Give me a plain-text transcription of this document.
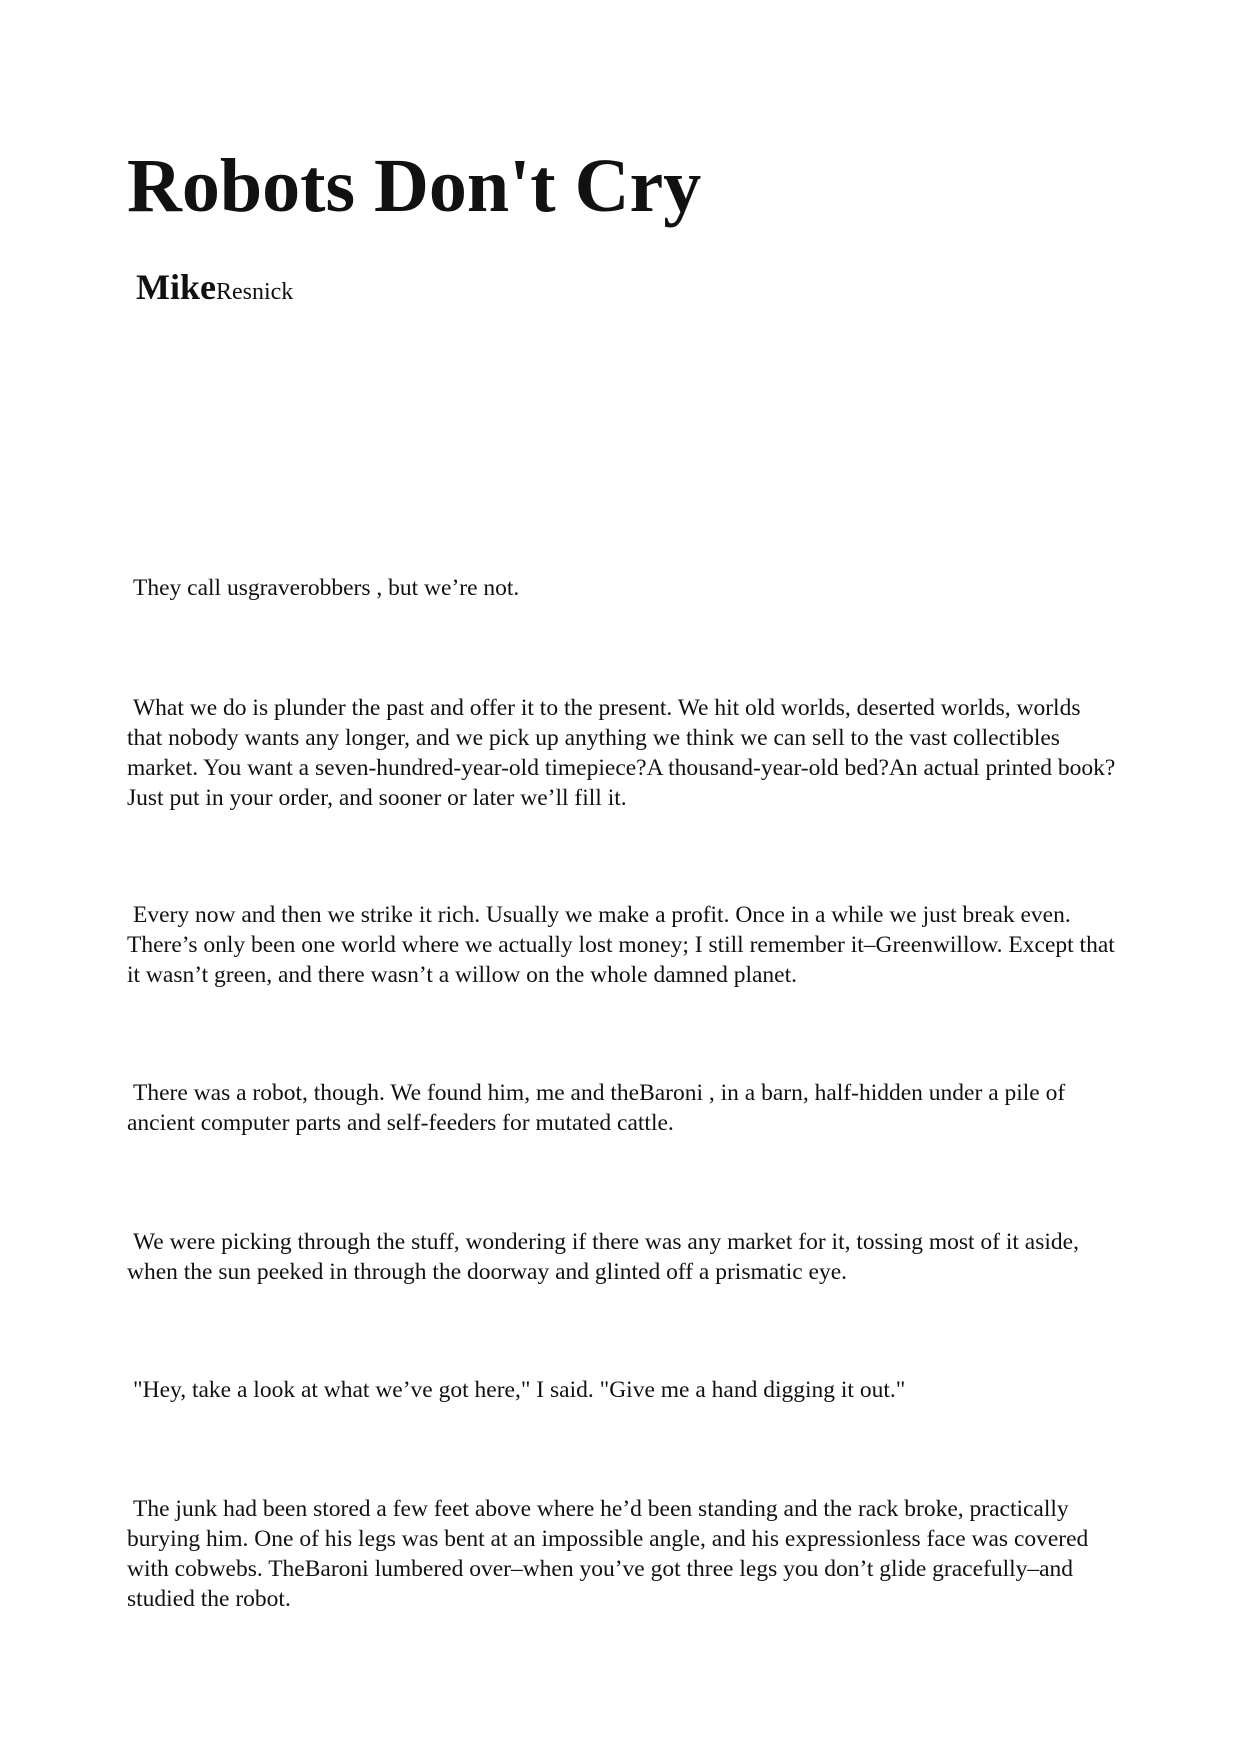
Robots Don't Cry
MikeResnick

They call usgraverobbers , but we’re not.

What we do is plunder the past and offer it to the present. We hit old worlds, deserted worlds, worlds that nobody wants any longer, and we pick up anything we think we can sell to the vast collectibles market. You want a seven-hundred-year-old timepiece?A thousand-year-old bed?An actual printed book? Just put in your order, and sooner or later we’ll fill it.

Every now and then we strike it rich. Usually we make a profit. Once in a while we just break even. There’s only been one world where we actually lost money; I still remember it–Greenwillow. Except that it wasn’t green, and there wasn’t a willow on the whole damned planet.

There was a robot, though. We found him, me and theBaroni , in a barn, half-hidden under a pile of ancient computer parts and self-feeders for mutated cattle.

We were picking through the stuff, wondering if there was any market for it, tossing most of it aside, when the sun peeked in through the doorway and glinted off a prismatic eye.

"Hey, take a look at what we’ve got here," I said. "Give me a hand digging it out."

The junk had been stored a few feet above where he’d been standing and the rack broke, practically burying him. One of his legs was bent at an impossible angle, and his expressionless face was covered with cobwebs. TheBaroni lumbered over–when you’ve got three legs you don’t glide gracefully–and studied the robot.
